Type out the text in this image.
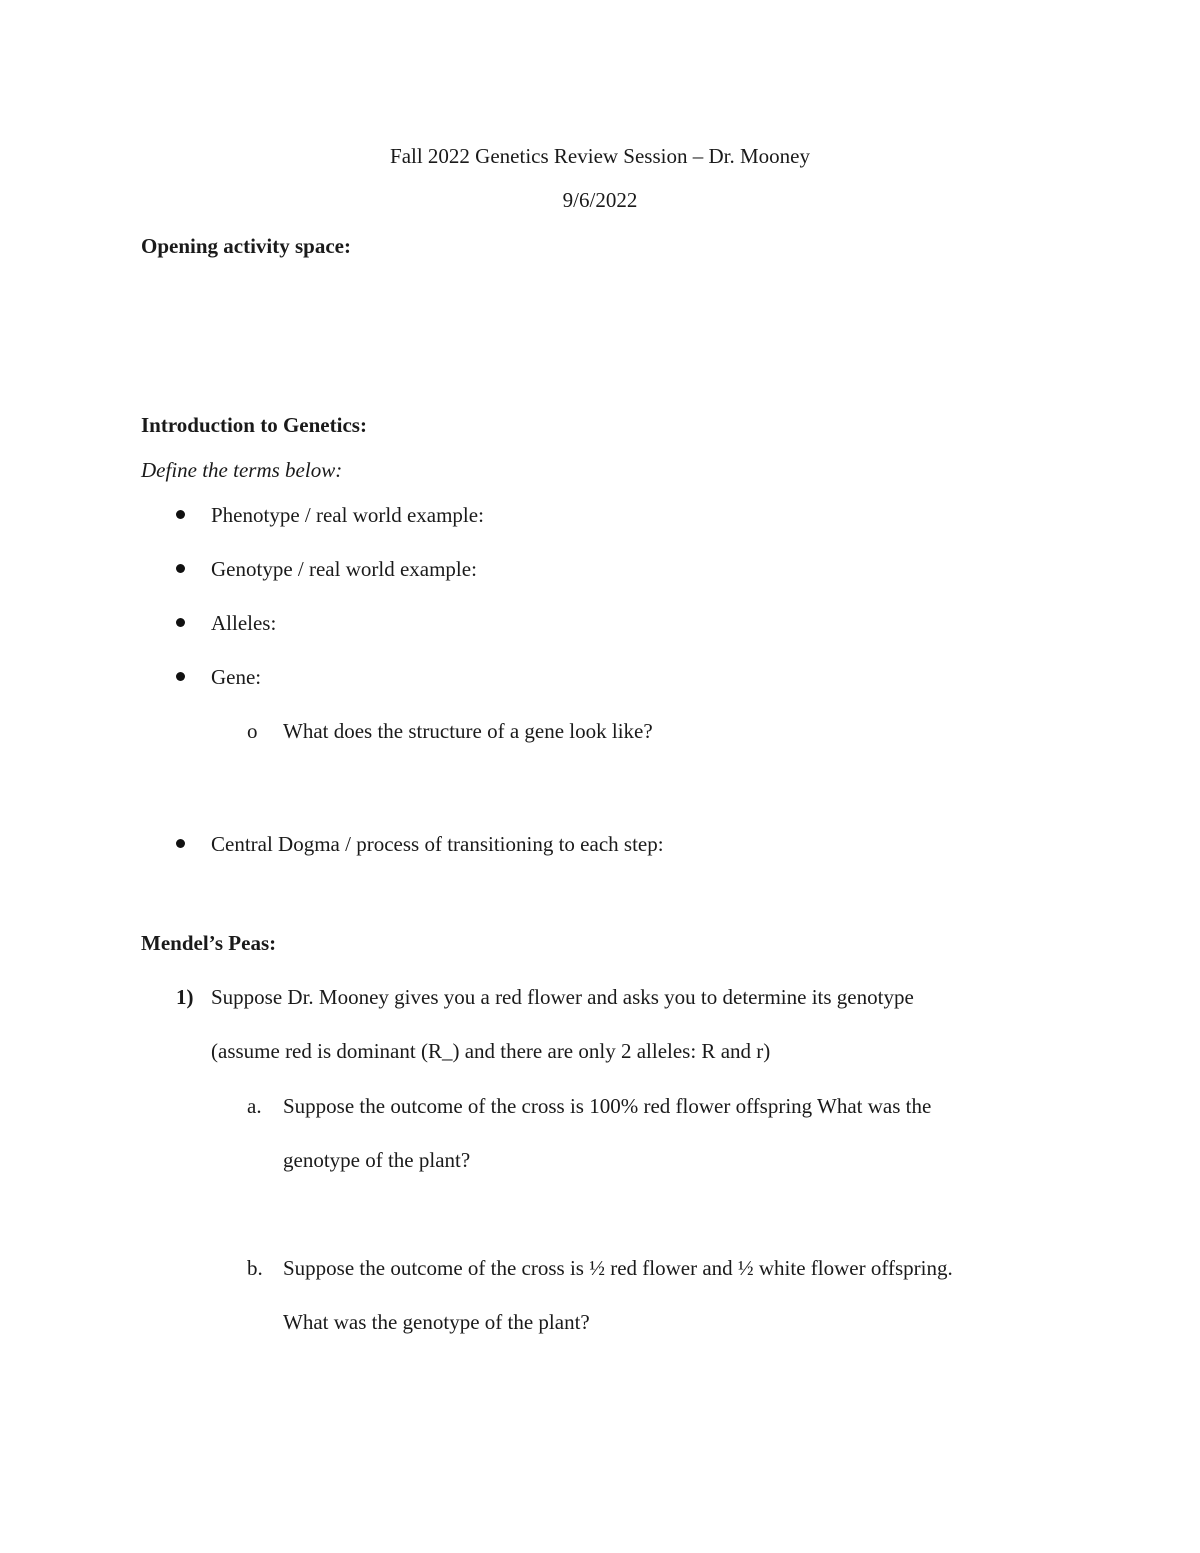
Fall 2022 Genetics Review Session – Dr. Mooney
9/6/2022
Opening activity space:
Introduction to Genetics:
Define the terms below:
Phenotype / real world example:
Genotype / real world example:
Alleles:
Gene:
o What does the structure of a gene look like?
Central Dogma / process of transitioning to each step:
Mendel’s Peas:
1) Suppose Dr. Mooney gives you a red flower and asks you to determine its genotype
(assume red is dominant (R_) and there are only 2 alleles: R and r)
a. Suppose the outcome of the cross is 100% red flower offspring What was the
genotype of the plant?
b. Suppose the outcome of the cross is ½ red flower and ½ white flower offspring.
What was the genotype of the plant?
